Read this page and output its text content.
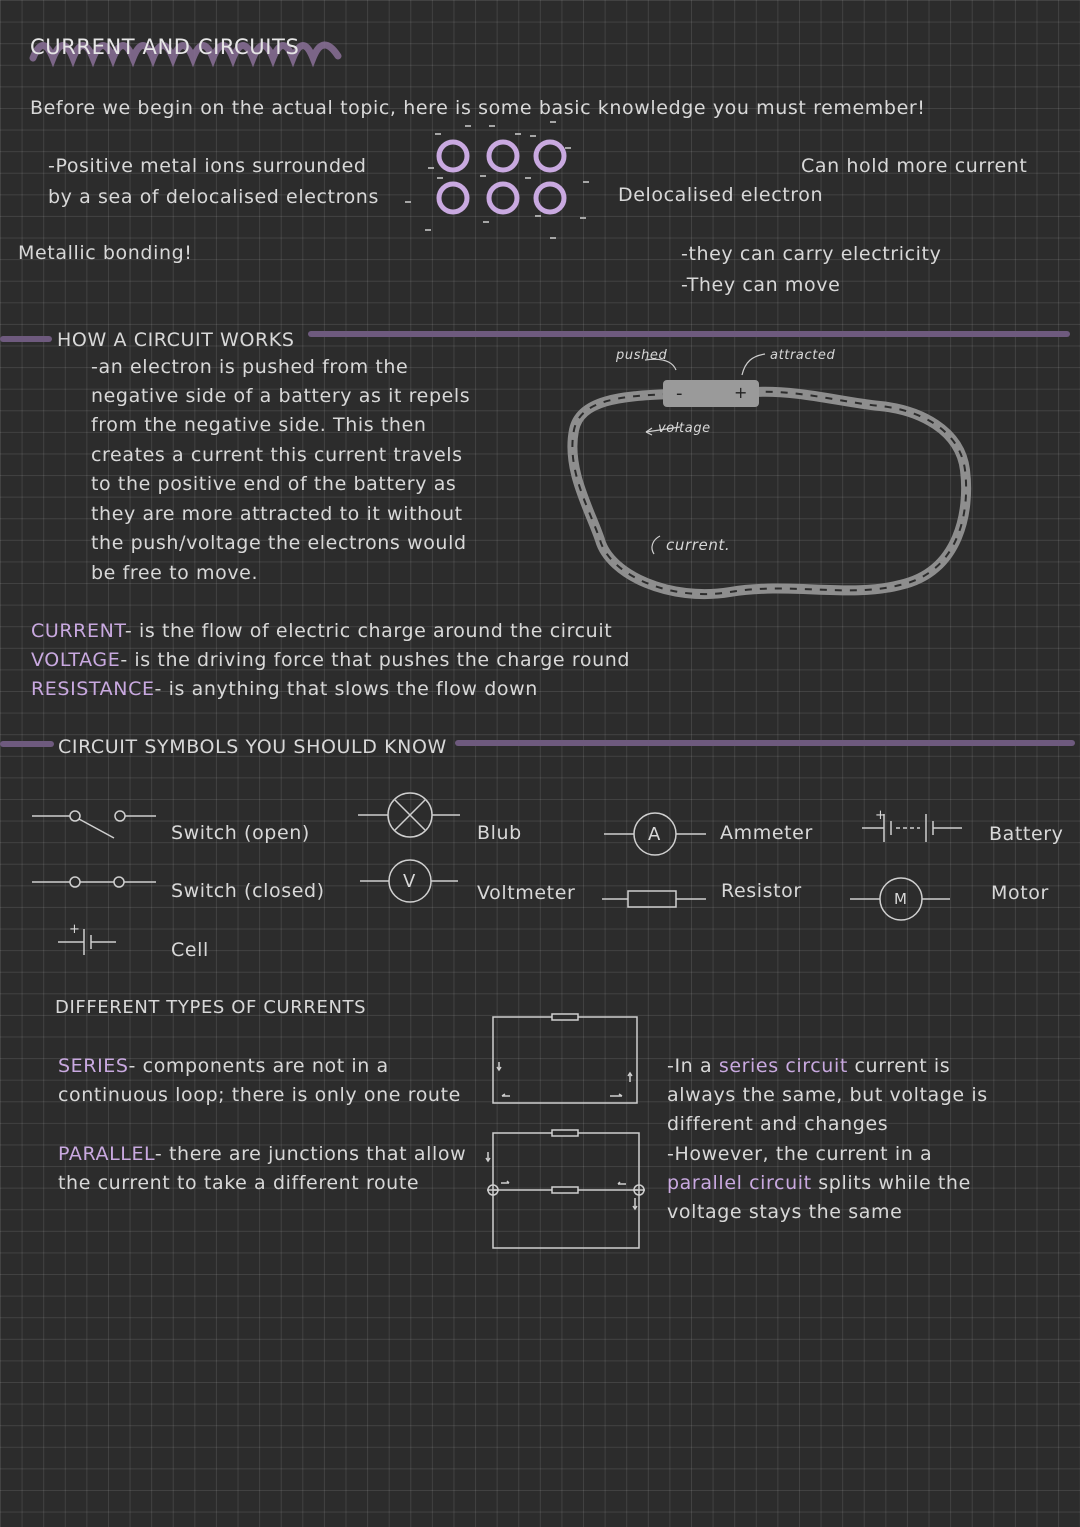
CURRENT AND CIRCUITS
Before we begin on the actual topic, here is some basic knowledge you must remember!
-Positive metal ions surrounded
by a sea of delocalised electrons
Metallic bonding!
Can hold more current
Delocalised electron
-they can carry electricity
-They can move
HOW A CIRCUIT WORKS
-an electron is pushed from the
negative side of a battery as it repels
from the negative side. This then
creates a current this current travels
to the positive end of the battery as
they are more attracted to it without
the push/voltage the electrons would
be free to move.
pushed	attracted
-	+
voltage
current.
CURRENT- is the flow of electric charge around the circuit
VOLTAGE- is the driving force that pushes the charge round
RESISTANCE- is anything that slows the flow down
CIRCUIT SYMBOLS YOU SHOULD KNOW
Switch (open)
Switch (closed)
+
Cell
Blub
V
Voltmeter
A	Ammeter
Resistor
+
Battery
M	Motor
DIFFERENT TYPES OF CURRENTS
SERIES- components are not in a
continuous loop; there is only one route
PARALLEL- there are junctions that allow
the current to take a different route
-In a series circuit current is
always the same, but voltage is
different and changes
-However, the current in a
parallel circuit splits while the
voltage stays the same
